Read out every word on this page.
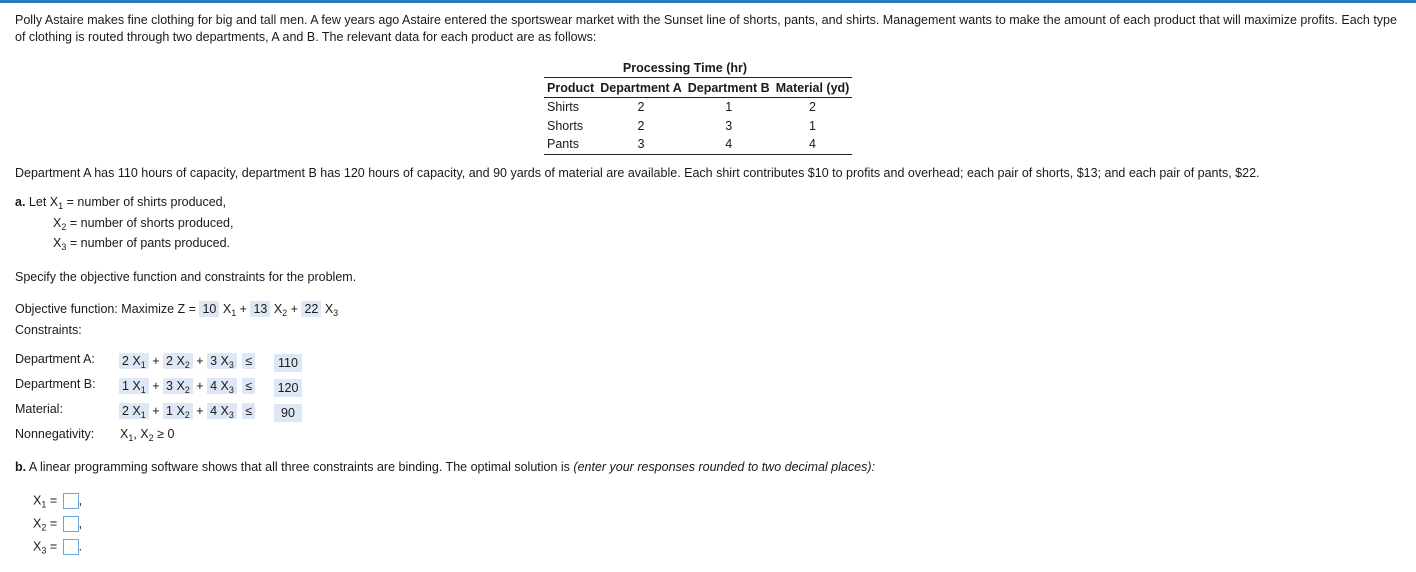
Polly Astaire makes fine clothing for big and tall men. A few years ago Astaire entered the sportswear market with the Sunset line of shorts, pants, and shirts. Management wants to make the amount of each product that will maximize profits. Each type of clothing is routed through two departments, A and B. The relevant data for each product are as follows:
	Processing Time (hr)		
Product	Department A	Department B	Material (yd)
Shirts	2	1	2
Shorts	2	3	1
Pants	3	4	4
Department A has 110 hours of capacity, department B has 120 hours of capacity, and 90 yards of material are available. Each shirt contributes $10 to profits and overhead; each pair of shorts, $13; and each pair of pants, $22.
a. Let $X_1$ = number of shirts produced,
$X_2$ = number of shorts produced,
$X_3$ = number of pants produced.
Specify the objective function and constraints for the problem.
Objective function: Maximize Z = 10 $X_1 + 13$ $X_2 + 22$ $X_3$
Constraints:
Department A: 2 $X_1 + 2$ $X_2 + 3$ $X_3$ ≤	110
Department B: 1 $X_1 + 3$ $X_2 + 4$ $X_3 \le 120$
Material:	2 $X_1 + 1$ $X_2 + 4$ $X_3$ ≤	90
Nonnegativity: $X_1$, $X_2 \ge 0$
b. A linear programming software shows that all three constraints are binding. The optimal solution is (enter your responses rounded to two decimal places):
$X_1$ = ,
$X_2$ = ,
$X_3$ = .
